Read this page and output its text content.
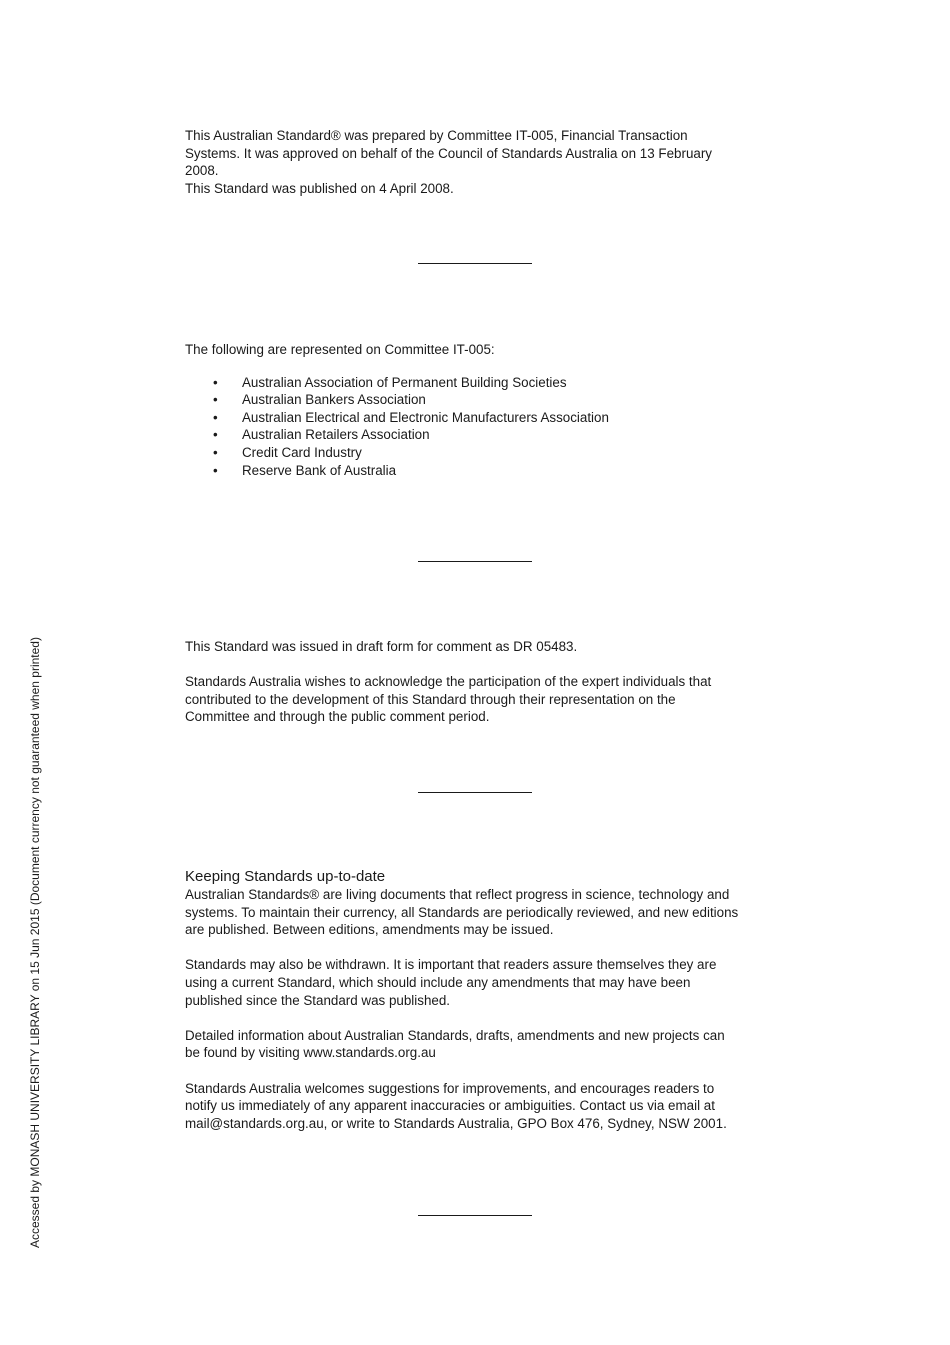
Accessed by MONASH UNIVERSITY LIBRARY on 15 Jun 2015 (Document currency not guaranteed when printed)

This Australian Standard® was prepared by Committee IT-005, Financial Transaction

Systems. It was approved on behalf of the Council of Standards Australia on 13 February

2008.

This Standard was published on 4 April 2008.

The following are represented on Committee IT-005:

• Australian Association of Permanent Building Societies
• Australian Bankers Association
• Australian Electrical and Electronic Manufacturers Association
• Australian Retailers Association
• Credit Card Industry
• Reserve Bank of Australia

This Standard was issued in draft form for comment as DR 05483.

Standards Australia wishes to acknowledge the participation of the expert individuals that

contributed to the development of this Standard through their representation on the

Committee and through the public comment period.

Keeping Standards up-to-date

Australian Standards® are living documents that reflect progress in science, technology and

systems. To maintain their currency, all Standards are periodically reviewed, and new editions

are published. Between editions, amendments may be issued.

Standards may also be withdrawn. It is important that readers assure themselves they are

using a current Standard, which should include any amendments that may have been

published since the Standard was published.

Detailed information about Australian Standards, drafts, amendments and new projects can

be found by visiting www.standards.org.au

Standards Australia welcomes suggestions for improvements, and encourages readers to

notify us immediately of any apparent inaccuracies or ambiguities. Contact us via email at

mail@standards.org.au, or write to Standards Australia, GPO Box 476, Sydney, NSW 2001.
